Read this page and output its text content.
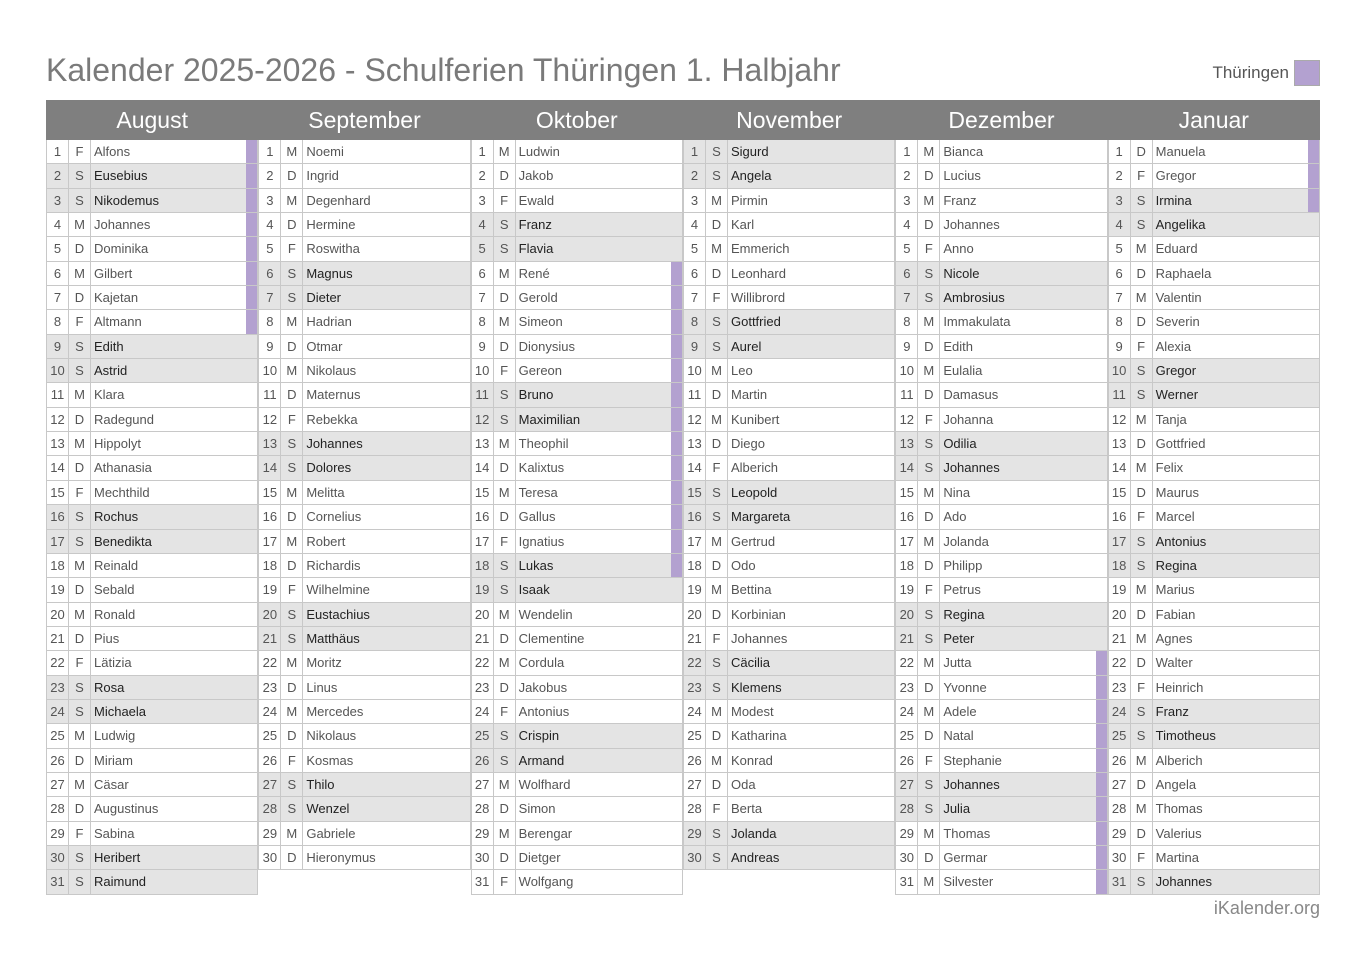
Kalender 2025-2026 - Schulferien Thüringen 1. Halbjahr	Thüringen
August
1	F Alfons
2	S Eusebius
3	S Nikodemus
4 M Johannes
5	D Dominika
6 M Gilbert
7	D Kajetan
8	F Altmann
9	S Edith
10 S Astrid
11 M Klara
12 D Radegund
13 M Hippolyt
14 D Athanasia
15 F Mechthild
16 S Rochus
17 S Benedikta
18 M Reinald
19 D Sebald
20 M Ronald
21 D Pius
22 F Lätizia
23 S Rosa
24 S Michaela
25 M Ludwig
26 D Miriam
27 M Cäsar
28 D Augustinus
29 F Sabina
30 S Heribert
31 S Raimund
September
1 M Noemi
2	D Ingrid
3 M Degenhard
4	D Hermine
5	F Roswitha
6	S Magnus
7	S Dieter
8 M Hadrian
9	D Otmar
10 M Nikolaus
11 D Maternus
12 F Rebekka
13 S Johannes
14 S Dolores
15 M Melitta
16 D Cornelius
17 M Robert
18 D Richardis
19 F Wilhelmine
20 S Eustachius
21 S Matthäus
22 M Moritz
23 D Linus
24 M Mercedes
25 D Nikolaus
26 F Kosmas
27 S Thilo
28 S Wenzel
29 M Gabriele
30 D Hieronymus
Oktober
1 M Ludwin
2	D Jakob
3	F Ewald
4	S Franz
5	S Flavia
6 M René
7	D Gerold
8 M Simeon
9	D Dionysius
10 F Gereon
11 S Bruno
12 S Maximilian
13 M Theophil
14 D Kalixtus
15 M Teresa
16 D Gallus
17 F Ignatius
18 S Lukas
19 S Isaak
20 M Wendelin
21 D Clementine
22 M Cordula
23 D Jakobus
24 F Antonius
25 S Crispin
26 S Armand
27 M Wolfhard
28 D Simon
29 M Berengar
30 D Dietger
31 F Wolfgang
November
1	S Sigurd
2	S Angela
3 M Pirmin
4	D Karl
5 M Emmerich
6	D Leonhard
7	F Willibrord
8	S Gottfried
9	S Aurel
10 M Leo
11 D Martin
12 M Kunibert
13 D Diego
14 F Alberich
15 S Leopold
16 S Margareta
17 M Gertrud
18 D Odo
19 M Bettina
20 D Korbinian
21 F Johannes
22 S Cäcilia
23 S Klemens
24 M Modest
25 D Katharina
26 M Konrad
27 D Oda
28 F Berta
29 S Jolanda
30 S Andreas
Dezember
1 M Bianca
2	D Lucius
3 M Franz
4	D Johannes
5	F Anno
6	S Nicole
7	S Ambrosius
8 M Immakulata
9	D Edith
10 M Eulalia
11 D Damasus
12 F Johanna
13 S Odilia
14 S Johannes
15 M Nina
16 D Ado
17 M Jolanda
18 D Philipp
19 F Petrus
20 S Regina
21 S Peter
22 M Jutta
23 D Yvonne
24 M Adele
25 D Natal
26 F Stephanie
27 S Johannes
28 S Julia
29 M Thomas
30 D Germar
31 M Silvester
Januar
1	D Manuela
2	F Gregor
3	S Irmina
4	S Angelika
5 M Eduard
6	D Raphaela
7 M Valentin
8	D Severin
9	F Alexia
10 S Gregor
11 S Werner
12 M Tanja
13 D Gottfried
14 M Felix
15 D Maurus
16 F Marcel
17 S Antonius
18 S Regina
19 M Marius
20 D Fabian
21 M Agnes
22 D Walter
23 F Heinrich
24 S Franz
25 S Timotheus
26 M Alberich
27 D Angela
28 M Thomas
29 D Valerius
30 F Martina
31 S Johannes
iKalender.org
